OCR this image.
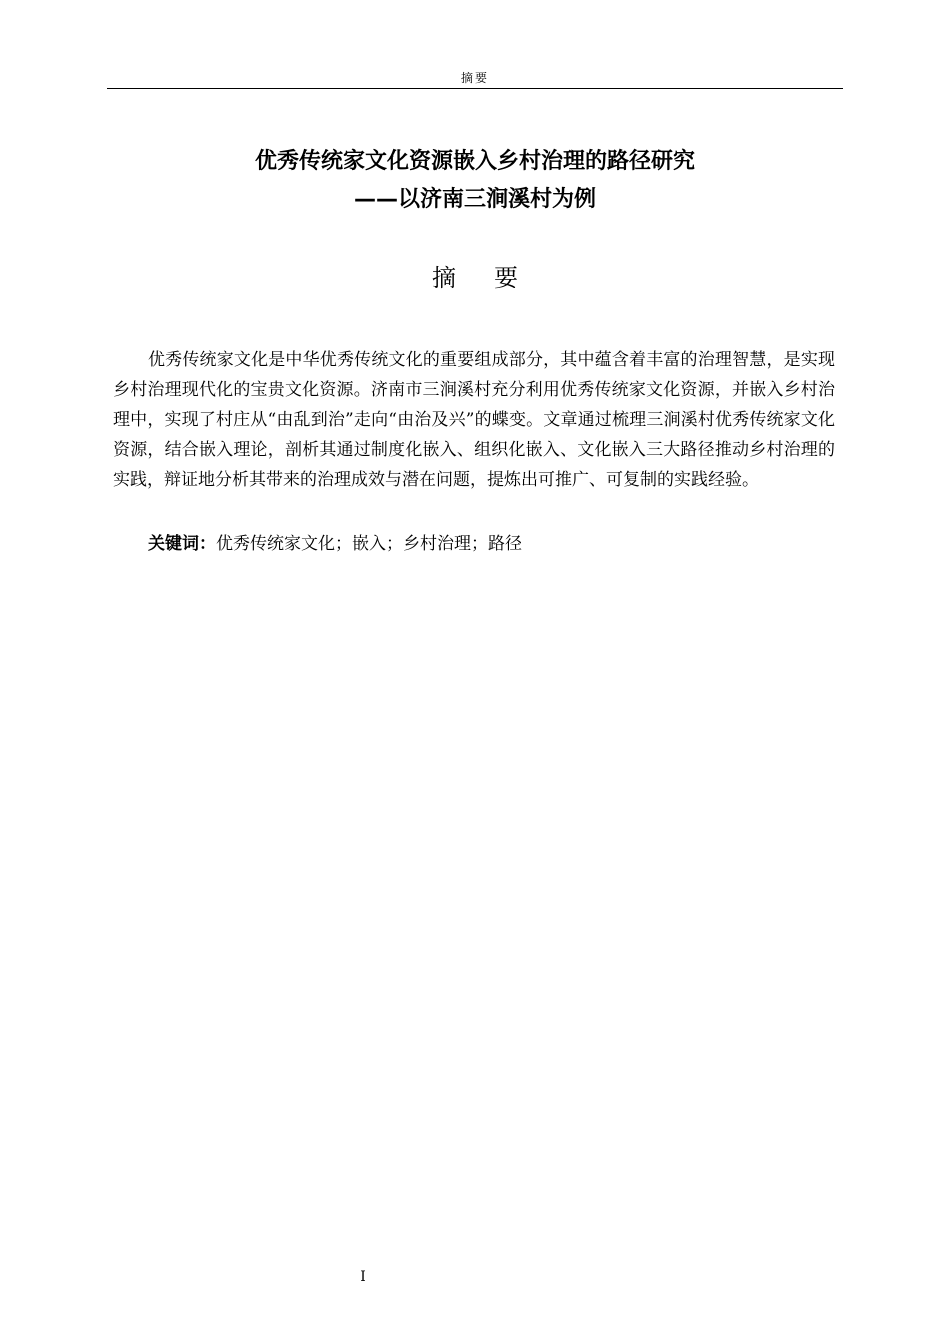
摘要
优秀传统家文化资源嵌入乡村治理的路径研究
——以济南三涧溪村为例
摘要

优秀传统家文化是中华优秀传统文化的重要组成部分，其中蕴含着丰富的治理智慧，是实现乡村治理现代化的宝贵文化资源。济南市三涧溪村充分利用优秀传统家文化资源，并嵌入乡村治理中，实现了村庄从“由乱到治”走向“由治及兴”的蝶变。文章通过梳理三涧溪村优秀传统家文化资源，结合嵌入理论，剖析其通过制度化嵌入、组织化嵌入、文化嵌入三大路径推动乡村治理的实践，辩证地分析其带来的治理成效与潜在问题，提炼出可推广、可复制的实践经验。

关键词：优秀传统家文化；嵌入；乡村治理；路径
I
